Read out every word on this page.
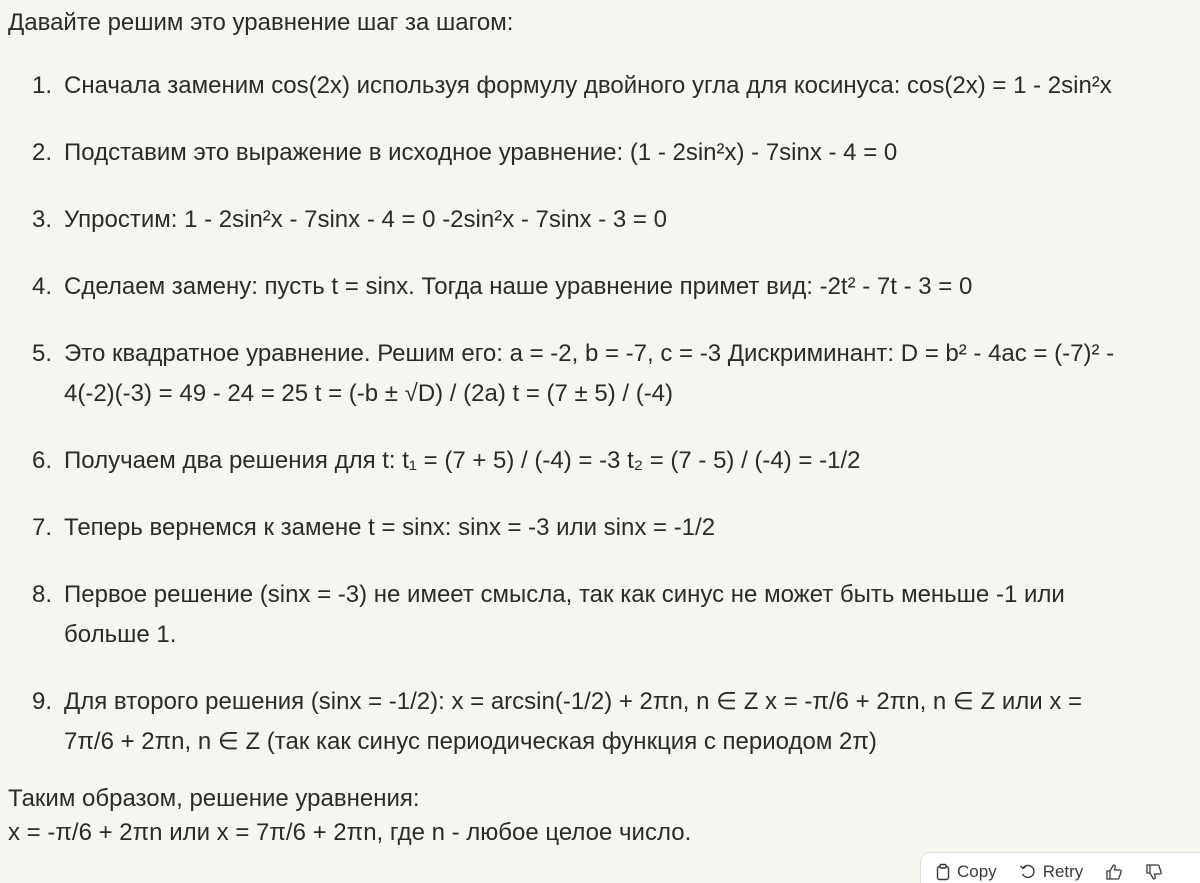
Давайте решим это уравнение шаг за шагом:
1. Сначала заменим cos(2x) используя формулу двойного угла для косинуса: cos(2x) = 1 - 2sin²x
2. Подставим это выражение в исходное уравнение: (1 - 2sin²x) - 7sinx - 4 = 0
3. Упростим: 1 - 2sin²x - 7sinx - 4 = 0 -2sin²x - 7sinx - 3 = 0
4. Сделаем замену: пусть t = sinx. Тогда наше уравнение примет вид: -2t² - 7t - 3 = 0
5. Это квадратное уравнение. Решим его: a = -2, b = -7, c = -3 Дискриминант: D = b² - 4ac = (-7)² - 4(-2)(-3) = 49 - 24 = 25 t = (-b ± √D) / (2a) t = (7 ± 5) / (-4)
6. Получаем два решения для t: t₁ = (7 + 5) / (-4) = -3 t₂ = (7 - 5) / (-4) = -1/2
7. Теперь вернемся к замене t = sinx: sinx = -3 или sinx = -1/2
8. Первое решение (sinx = -3) не имеет смысла, так как синус не может быть меньше -1 или больше 1.
9. Для второго решения (sinx = -1/2): x = arcsin(-1/2) + 2πn, n ∈ Z x = -π/6 + 2πn, n ∈ Z или x = 7π/6 + 2πn, n ∈ Z (так как синус периодическая функция с периодом 2π)
Таким образом, решение уравнения:
x = -π/6 + 2πn или x = 7π/6 + 2πn, где n - любое целое число.
Copy	Retry
